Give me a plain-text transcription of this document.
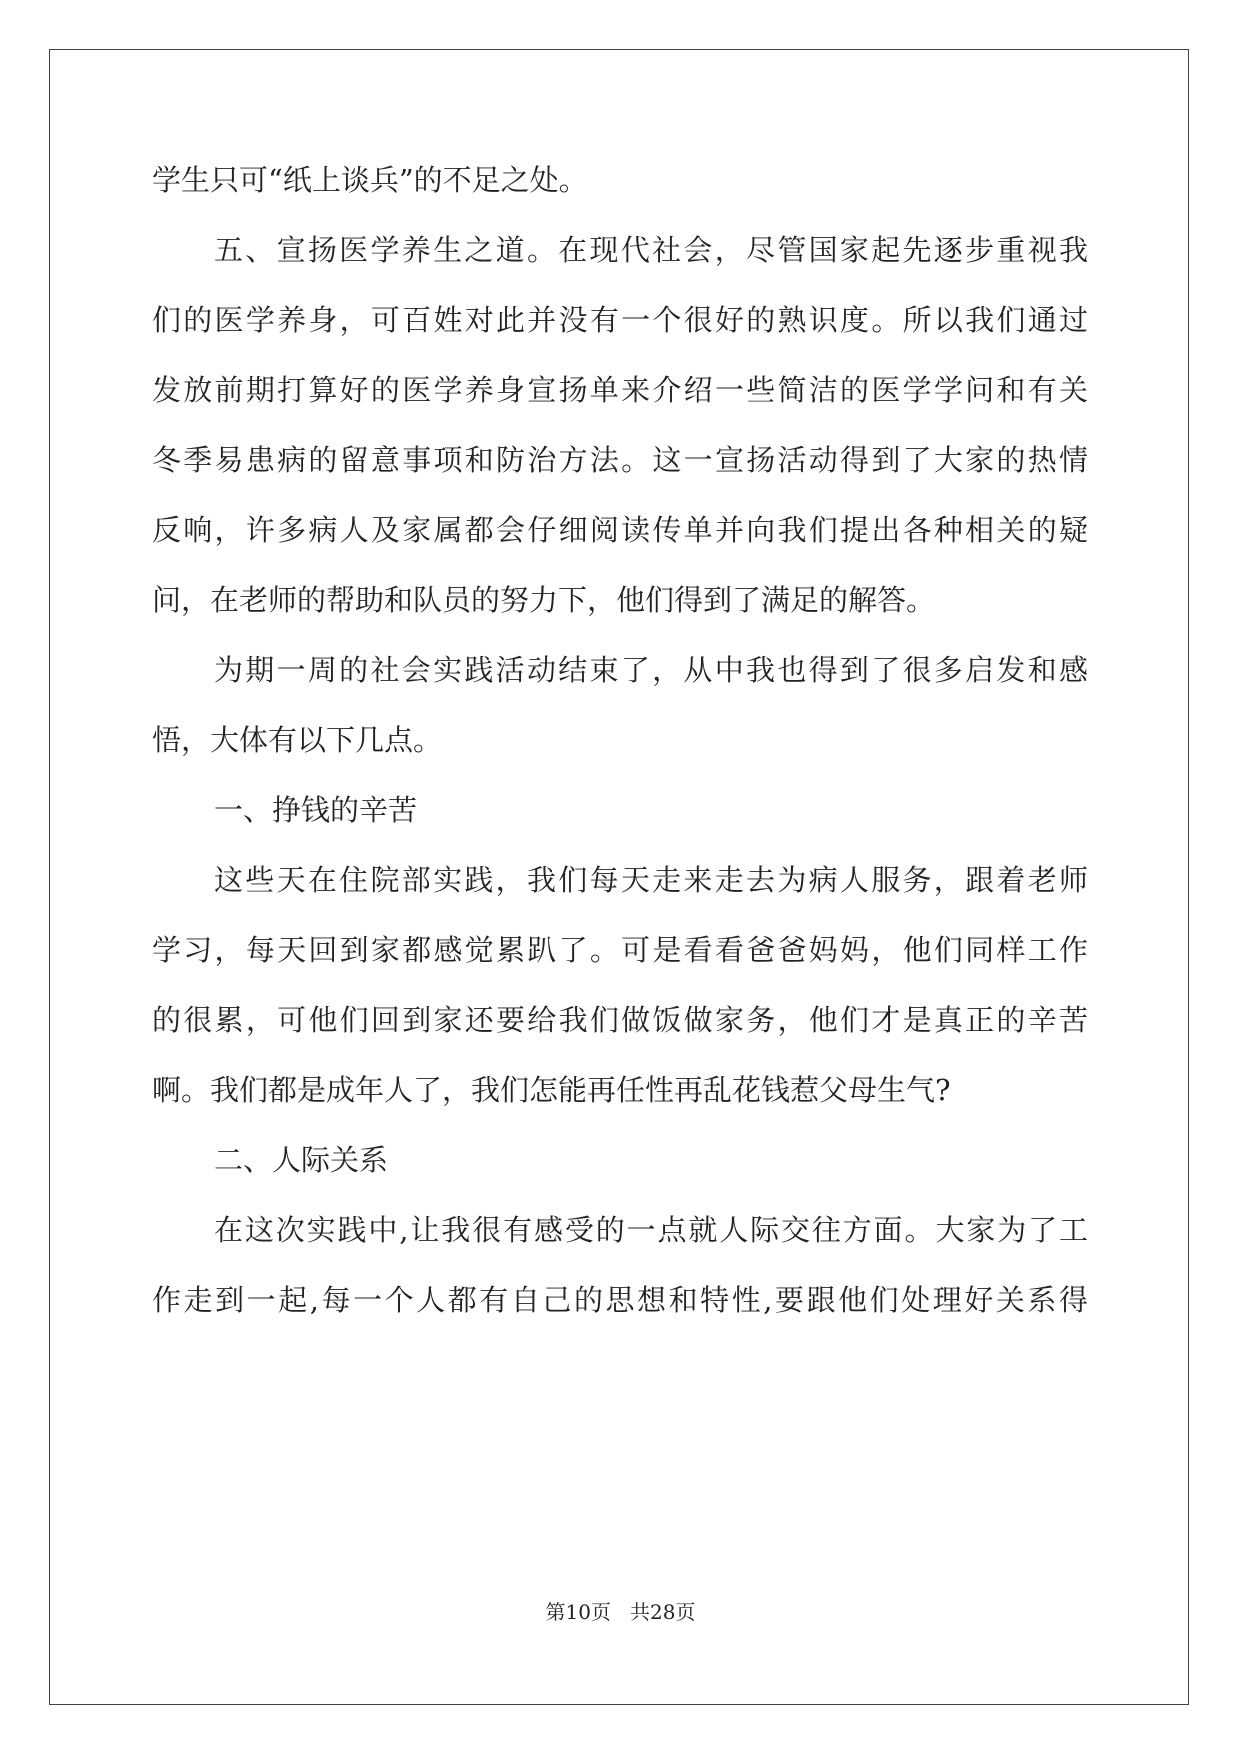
学生只可“纸上谈兵”的不足之处。
五、宣扬医学养生之道。在现代社会，尽管国家起先逐步重视我
们的医学养身，可百姓对此并没有一个很好的熟识度。所以我们通过
发放前期打算好的医学养身宣扬单来介绍一些简洁的医学学问和有关
冬季易患病的留意事项和防治方法。这一宣扬活动得到了大家的热情
反响，许多病人及家属都会仔细阅读传单并向我们提出各种相关的疑
问，在老师的帮助和队员的努力下，他们得到了满足的解答。
为期一周的社会实践活动结束了，从中我也得到了很多启发和感
悟，大体有以下几点。
一、挣钱的辛苦
这些天在住院部实践，我们每天走来走去为病人服务，跟着老师
学习，每天回到家都感觉累趴了。可是看看爸爸妈妈，他们同样工作
的很累，可他们回到家还要给我们做饭做家务，他们才是真正的辛苦
啊。我们都是成年人了，我们怎能再任性再乱花钱惹父母生气?
二、人际关系
在这次实践中,让我很有感受的一点就人际交往方面。大家为了工
作走到一起,每一个人都有自己的思想和特性,要跟他们处理好关系得
第10页 共28页
